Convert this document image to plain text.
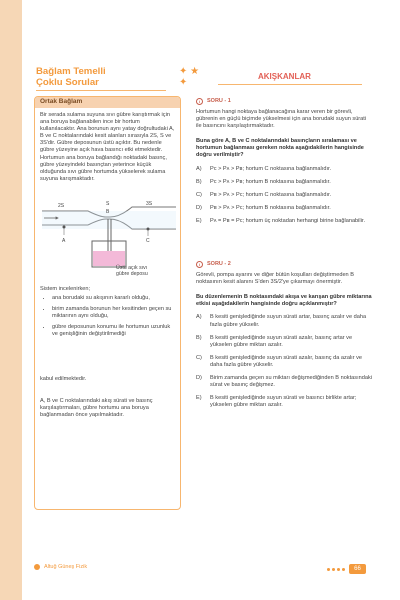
Bağlam Temelli
Çoklu Sorular
✦ ★ ✦
AKIŞKANLAR
Ortak Bağlam
Bir serada sulama suyuna sıvı gübre karıştırmak için ana boruya bağlanabilen ince bir hortum kullanılacaktır. Ana borunun aynı yatay doğrultudaki A, B ve C noktalarındaki kesit alanları sırasıyla 2S, S ve 3S'dir. Gübre deposunun üstü açıktır. Bu nedenle gübre yüzeyine açık hava basıncı etki etmektedir. Hortumun ana boruya bağlandığı noktadaki basınç, gübre yüzeyindeki basınçtan yeterince küçük olduğunda sıvı gübre hortumda yükselerek sulama suyuna karışmaktadır.
2S	S	3S
B
A	C
Üstü açık sıvı gübre deposu
Sistem incelenirken;
• ana borudaki su akışının kararlı olduğu,
• birim zamanda borunun her kesitinden geçen su miktarının aynı olduğu,
• gübre deposunun konumu ile hortumun uzunluk ve genişliğinin değiştirilmediği
kabul edilmektedir.
A, B ve C noktalarındaki akış sürati ve basınç karşılaştırmaları, gübre hortumu ana boruya bağlanmadan önce yapılmaktadır.
i SORU - 1
Hortumun hangi noktaya bağlanacağına karar veren bir görevli, gübrenin en güçlü biçimde yükselmesi için ana borudaki suyun sürati ile basıncını karşılaştırmaktadır.
Buna göre A, B ve C noktalarındaki basınçların sıralaması ve hortumun bağlanması gereken nokta aşağıdakilerin hangisinde doğru verilmiştir?
A) Pᴄ > Pᴀ > Pʙ; hortum C noktasına bağlanmalıdır.
B) Pᴄ > Pᴀ > Pʙ; hortum B noktasına bağlanmalıdır.
C) Pʙ > Pᴀ > Pᴄ; hortum C noktasına bağlanmalıdır.
D) Pʙ > Pᴀ > Pᴄ; hortum B noktasına bağlanmalıdır.
E) Pᴀ = Pʙ = Pᴄ; hortum üç noktadan herhangi birine bağlanabilir.
i SORU - 2
Görevli, pompa ayarını ve diğer bütün koşulları değiştirmeden B noktasının kesit alanını S'den 3S/2'ye çıkarmayı önermiştir.
Bu düzenlemenin B noktasındaki akışa ve karışan gübre miktarına etkisi aşağıdakilerin hangisinde doğru açıklanmıştır?
A) B kesiti genişlediğinde suyun sürati artar, basınç azalır ve daha fazla gübre yükselir.
B) B kesiti genişlediğinde suyun sürati azalır, basınç artar ve yükselen gübre miktarı azalır.
C) B kesiti genişlediğinde suyun sürati azalır, basınç da azalır ve daha fazla gübre yükselir.
D) Birim zamanda geçen su miktarı değişmediğinden B noktasındaki sürat ve basınç değişmez.
E) B kesiti genişlediğinde suyun sürati ve basıncı birlikte artar; yükselen gübre miktarı azalır.
Altuğ Güneş Fizik	66
